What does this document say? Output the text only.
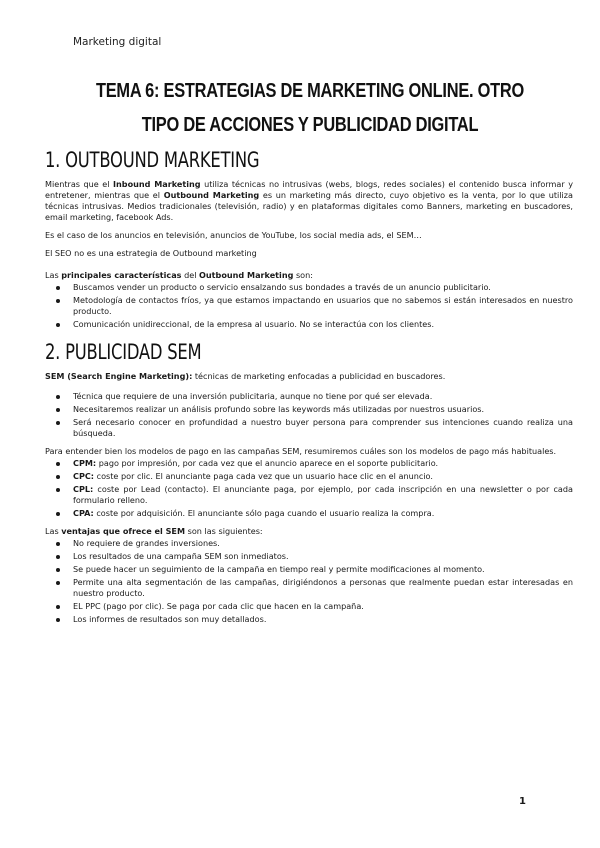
Marketing digital
TEMA 6: ESTRATEGIAS DE MARKETING ONLINE. OTRO TIPO DE ACCIONES Y PUBLICIDAD DIGITAL
1. OUTBOUND MARKETING

Mientras que el Inbound Marketing utiliza técnicas no intrusivas (webs, blogs, redes sociales) el contenido busca informar y entretener, mientras que el Outbound Marketing es un marketing más directo, cuyo objetivo es la venta, por lo que utiliza técnicas intrusivas. Medios tradicionales (televisión, radio) y en plataformas digitales como Banners, marketing en buscadores, email marketing, facebook Ads.

Es el caso de los anuncios en televisión, anuncios de YouTube, los social media ads, el SEM…

El SEO no es una estrategia de Outbound marketing

Las principales características del Outbound Marketing son:

Buscamos vender un producto o servicio ensalzando sus bondades a través de un anuncio publicitario.
Metodología de contactos fríos, ya que estamos impactando en usuarios que no sabemos si están interesados en nuestro producto.
Comunicación unidireccional, de la empresa al usuario. No se interactúa con los clientes.
2. PUBLICIDAD SEM

SEM (Search Engine Marketing): técnicas de marketing enfocadas a publicidad en buscadores.

Técnica que requiere de una inversión publicitaria, aunque no tiene por qué ser elevada.
Necesitaremos realizar un análisis profundo sobre las keywords más utilizadas por nuestros usuarios.
Será necesario conocer en profundidad a nuestro buyer persona para comprender sus intenciones cuando realiza una búsqueda.

Para entender bien los modelos de pago en las campañas SEM, resumiremos cuáles son los modelos de pago más habituales.

CPM: pago por impresión, por cada vez que el anuncio aparece en el soporte publicitario.
CPC: coste por clic. El anunciante paga cada vez que un usuario hace clic en el anuncio.
CPL: coste por Lead (contacto). El anunciante paga, por ejemplo, por cada inscripción en una newsletter o por cada formulario relleno.
CPA: coste por adquisición. El anunciante sólo paga cuando el usuario realiza la compra.

Las ventajas que ofrece el SEM son las siguientes:

No requiere de grandes inversiones.
Los resultados de una campaña SEM son inmediatos.
Se puede hacer un seguimiento de la campaña en tiempo real y permite modificaciones al momento.
Permite una alta segmentación de las campañas, dirigiéndonos a personas que realmente puedan estar interesadas en nuestro producto.
EL PPC (pago por clic). Se paga por cada clic que hacen en la campaña.
Los informes de resultados son muy detallados.
1
